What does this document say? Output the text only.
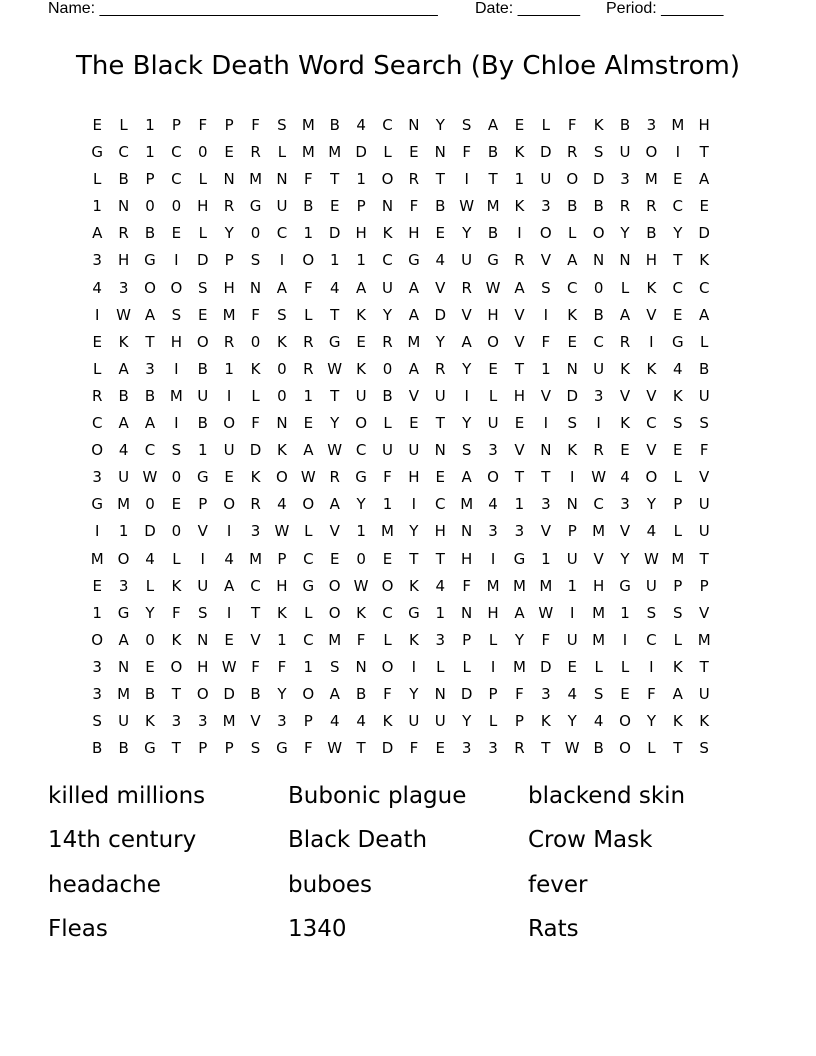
Name: ______________________________________ Date: _______ Period: _______
The Black Death Word Search (By Chloe Almstrom)
E	L	1	P	F	P	F	S	M B	4	C	N	Y	S	A	E	L	F	K	B	3	M H
G	C	1	C	0	E	R	L	M M D	L	E	N	F	B	K	D	R	S	U O	I	T
L	B	P	C	L	N M N	F	T	1	O	R	T	I	T	1	U O D	3	M	E	A
1	N	0	0	H	R	G	U	B	E	P	N	F	B W M K	3	B	B	R	R	C	E
A	R	B	E	L	Y	0	C	1	D H	K	H	E	Y	B	I	O	L	O	Y	B	Y	D
3	H G	I	D	P	S	I	O	1	1	C	G	4	U	G	R	V	A	N	N	H	T	K
4	3	O O	S	H	N	A	F	4	A	U	A	V	R W A	S	C	0	L	K	C	C
I	W A	S	E	M	F	S	L	T	K	Y	A	D	V	H	V	I	K	B	A	V	E	A
E	K	T	H O	R	0	K	R	G	E	R M	Y	A	O	V	F	E	C	R	I	G	L
L	A	3	I	B	1	K	0	R W K	0	A	R	Y	E	T	1	N	U	K	K	4	B
R	B	B M U	I	L	0	1	T	U	B	V	U	I	L	H	V	D	3	V	V	K	U
C	A	A	I	B	O	F	N	E	Y	O	L	E	T	Y	U	E	I	S	I	K	C	S	S
O	4	C	S	1	U	D	K	A W C	U	U	N	S	3	V	N	K	R	E	V	E	F
3	U W 0	G	E	K	O W R	G	F	H	E	A	O	T	T	I	W 4	O	L	V
G M	0	E	P	O	R	4	O	A	Y	1	I	C M	4	1	3	N	C	3	Y	P	U
I	1	D	0	V	I	3 W L	V	1	M	Y	H	N	3	3	V	P	M V	4	L	U
M O	4	L	I	4	M	P	C	E	0	E	T	T	H	I	G	1	U	V	Y W M	T
E	3	L	K	U	A	C	H G O W O	K	4	F	M M M	1	H G	U	P	P
1	G	Y	F	S	I	T	K	L	O	K	C	G	1	N	H	A W	I	M	1	S	S	V
O	A	0	K	N	E	V	1	C M	F	L	K	3	P	L	Y	F	U M	I	C	L	M
3	N	E	O H W F	F	1	S	N O	I	L	L	I	M D	E	L	L	I	K	T
3	M B	T	O D	B	Y	O	A	B	F	Y	N D	P	F	3	4	S	E	F	A	U
S	U	K	3	3	M V	3	P	4	4	K	U	U	Y	L	P	K	Y	4	O	Y	K	K
B	B	G	T	P	P	S	G	F W T	D	F	E	3	3	R	T W B	O	L	T	S
killed millions	Bubonic plague	blackend skin
14th century	Black Death	Crow Mask
headache	buboes	fever
Fleas	1340	Rats
